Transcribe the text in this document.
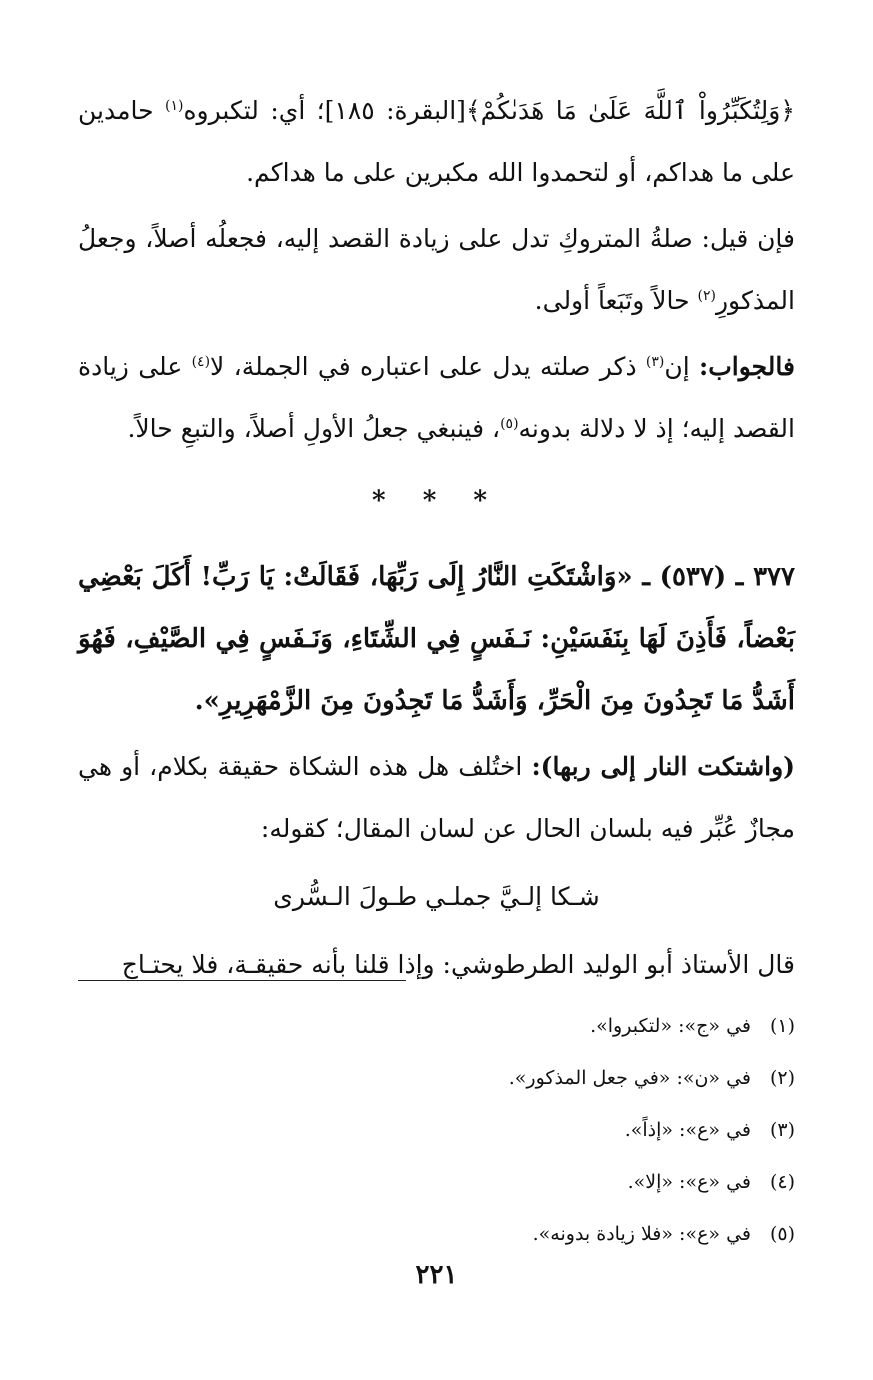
﴿وَلِتُكَبِّرُواْ ٱللَّهَ عَلَىٰ مَا هَدَىٰكُمْ﴾[البقرة: ١٨٥]؛ أي: لتكبروه$^{(١)}$ حامدين على ما هداكم، أو لتحمدوا الله مكبرين على ما هداكم.

فإن قيل: صلةُ المتروكِ تدل على زيادة القصد إليه، فجعلُه أصلاً، وجعلُ المذكورِ$^{(٢)}$ حالاً وتَبَعاً أولى.

فالجواب: إن$^{(٣)}$ ذكر صلته يدل على اعتباره في الجملة، لا$^{(٤)}$ على زيادة القصد إليه؛ إذ لا دلالة بدونه$^{(٥)}$، فينبغي جعلُ الأولِ أصلاً، والتبعِ حالاً.

* * *

٣٧٧ ـ (٥٣٧) ـ «وَاشْتَكَتِ النَّارُ إِلَى رَبِّهَا، فَقَالَتْ: يَا رَبِّ! أَكَلَ بَعْضِي بَعْضاً، فَأَذِنَ لَهَا بِنَفَسَيْنِ: نَـفَسٍ فِي الشِّتَاءِ، وَنَـفَسٍ فِي الصَّيْفِ، فَهُوَ أَشَدُّ مَا تَجِدُونَ مِنَ الْحَرِّ، وَأَشَدُّ مَا تَجِدُونَ مِنَ الزَّمْهَرِيرِ».

(واشتكت النار إلى ربها): اختُلف هل هذه الشكاة حقيقة بكلام، أو هي مجازٌ عُبِّر فيه بلسان الحال عن لسان المقال؛ كقوله:

شـكا إلـيَّ جملـي طـولَ الـسُّرى

قال الأستاذ أبو الوليد الطرطوشي: وإذا قلنا بأنه حقيقـة، فلا يحتـاج

(١)في «ج»: «لتكبروا».
(٢)في «ن»: «في جعل المذكور».
(٣)في «ع»: «إذاً».
(٤)في «ع»: «إلا».
(٥)في «ع»: «فلا زيادة بدونه».
٢٢١
